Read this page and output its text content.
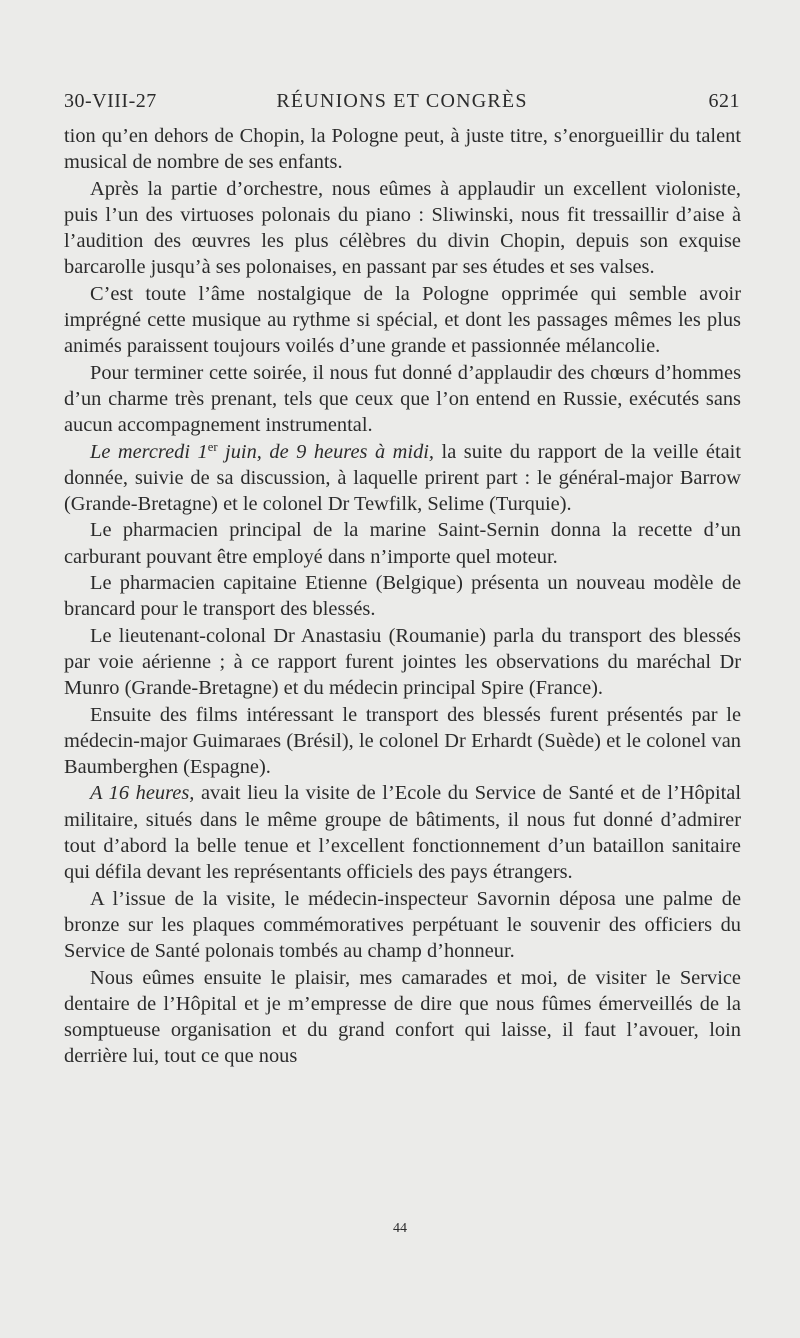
30-VIII-27	RÉUNIONS ET CONGRÈS	621

tion qu’en dehors de Chopin, la Pologne peut, à juste titre, s’enorgueillir du talent musical de nombre de ses enfants.

Après la partie d’orchestre, nous eûmes à applaudir un excellent violoniste, puis l’un des virtuoses polonais du piano : Sliwinski, nous fit tressaillir d’aise à l’audition des œuvres les plus célèbres du divin Chopin, depuis son exquise barcarolle jusqu’à ses polonaises, en passant par ses études et ses valses.

C’est toute l’âme nostalgique de la Pologne opprimée qui semble avoir imprégné cette musique au rythme si spécial, et dont les passages mêmes les plus animés paraissent toujours voilés d’une grande et passionnée mélancolie.

Pour terminer cette soirée, il nous fut donné d’applaudir des chœurs d’hommes d’un charme très prenant, tels que ceux que l’on entend en Russie, exécutés sans aucun accompagnement instrumental.

Le mercredi 1er juin, de 9 heures à midi, la suite du rapport de la veille était donnée, suivie de sa discussion, à laquelle prirent part : le général-major Barrow (Grande-Bretagne) et le colonel Dr Tewfilk, Selime (Turquie).

Le pharmacien principal de la marine Saint-Sernin donna la recette d’un carburant pouvant être employé dans n’importe quel moteur.

Le pharmacien capitaine Etienne (Belgique) présenta un nouveau modèle de brancard pour le transport des blessés.

Le lieutenant-colonal Dr Anastasiu (Roumanie) parla du transport des blessés par voie aérienne ; à ce rapport furent jointes les observations du maréchal Dr Munro (Grande-Bretagne) et du médecin principal Spire (France).

Ensuite des films intéressant le transport des blessés furent présentés par le médecin-major Guimaraes (Brésil), le colonel Dr Erhardt (Suède) et le colonel van Baumberghen (Espagne).

A 16 heures, avait lieu la visite de l’Ecole du Service de Santé et de l’Hôpital militaire, situés dans le même groupe de bâtiments, il nous fut donné d’admirer tout d’abord la belle tenue et l’excellent fonctionnement d’un bataillon sanitaire qui défila devant les représentants officiels des pays étrangers.

A l’issue de la visite, le médecin-inspecteur Savornin déposa une palme de bronze sur les plaques commémoratives perpétuant le souvenir des officiers du Service de Santé polonais tombés au champ d’honneur.

Nous eûmes ensuite le plaisir, mes camarades et moi, de visiter le Service dentaire de l’Hôpital et je m’empresse de dire que nous fûmes émerveillés de la somptueuse organisation et du grand confort qui laisse, il faut l’avouer, loin derrière lui, tout ce que nous

44
